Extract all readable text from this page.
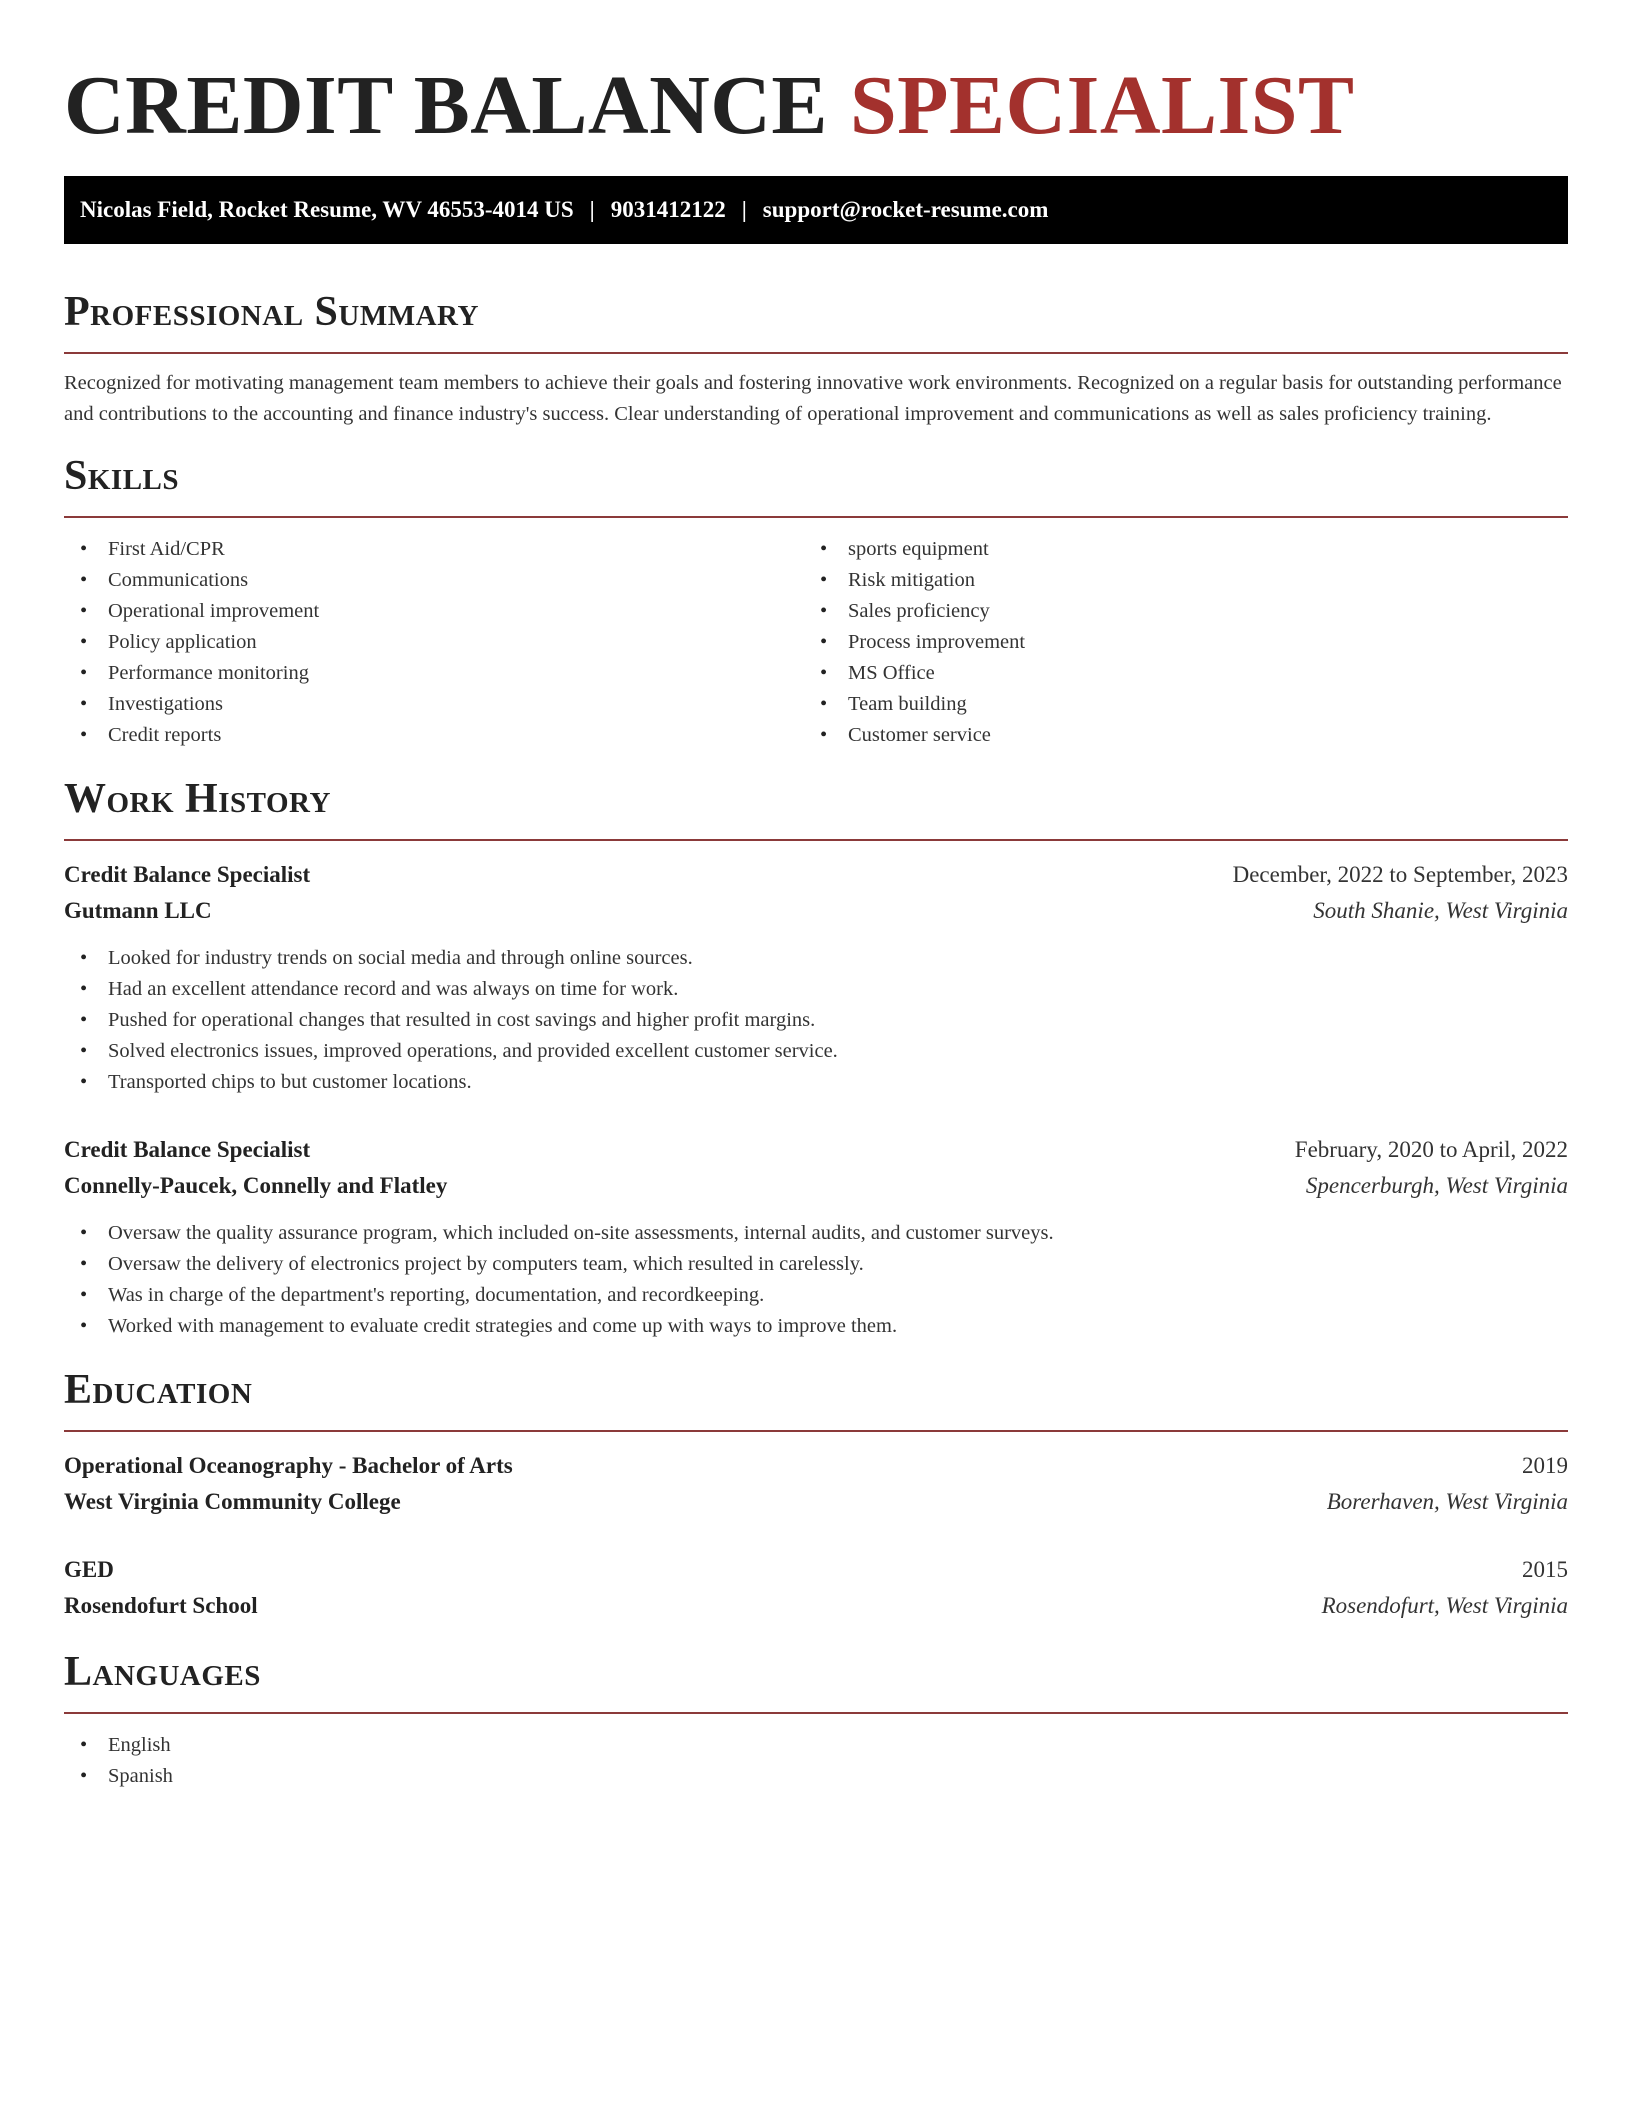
CREDIT BALANCE SPECIALIST
Nicolas Field, Rocket Resume, WV 46553-4014 US | 9031412122 | support@rocket-resume.com
Professional Summary

Recognized for motivating management team members to achieve their goals and fostering innovative work environments. Recognized on a regular basis for outstanding performance and contributions to the accounting and finance industry's success. Clear understanding of operational improvement and communications as well as sales proficiency training.

Skills
• First Aid/CPR
• Communications
• Operational improvement
• Policy application
• Performance monitoring
• Investigations
• Credit reports
• sports equipment
• Risk mitigation
• Sales proficiency
• Process improvement
• MS Office
• Team building
• Customer service
Work History
Credit Balance Specialist	December, 2022 to September, 2023
Gutmann LLC	South Shanie, West Virginia
• Looked for industry trends on social media and through online sources.
• Had an excellent attendance record and was always on time for work.
• Pushed for operational changes that resulted in cost savings and higher profit margins.
• Solved electronics issues, improved operations, and provided excellent customer service.
• Transported chips to but customer locations.
Credit Balance Specialist	February, 2020 to April, 2022
Connelly-Paucek, Connelly and Flatley	Spencerburgh, West Virginia
• Oversaw the quality assurance program, which included on-site assessments, internal audits, and customer surveys.
• Oversaw the delivery of electronics project by computers team, which resulted in carelessly.
• Was in charge of the department's reporting, documentation, and recordkeeping.
• Worked with management to evaluate credit strategies and come up with ways to improve them.
Education
Operational Oceanography - Bachelor of Arts	2019
West Virginia Community College	Borerhaven, West Virginia
GED	2015
Rosendofurt School	Rosendofurt, West Virginia
Languages
• English
• Spanish
